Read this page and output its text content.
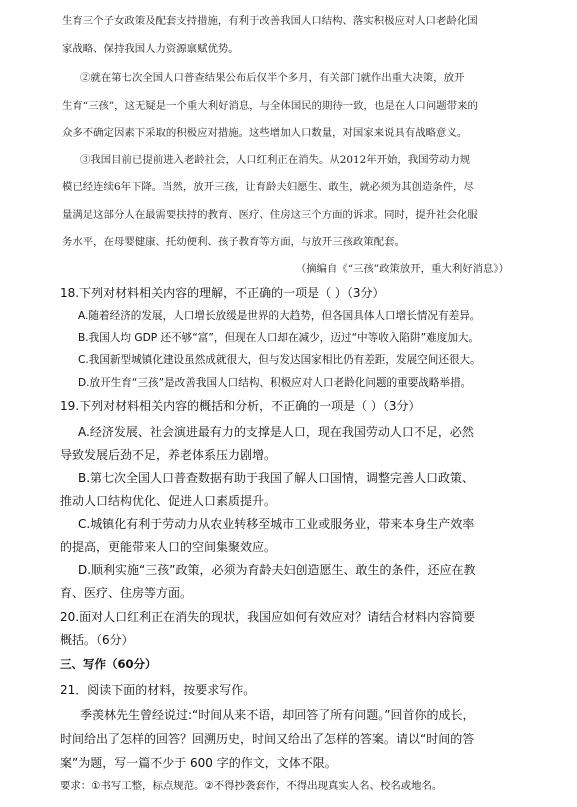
生育三个子女政策及配套支持措施，有利于改善我国人口结构、落实积极应对人口老龄化国
家战略、保持我国人力资源禀赋优势。
②就在第七次全国人口普查结果公布后仅半个多月，有关部门就作出重大决策，放开
生育“三孩”，这无疑是一个重大利好消息，与全体国民的期待一致，也是在人口问题带来的
众多不确定因素下采取的积极应对措施。这些增加人口数量，对国家来说具有战略意义。
③我国目前已提前进入老龄社会，人口红利正在消失。从2012年开始，我国劳动力规
模已经连续6年下降。当然，放开三孩，让育龄夫妇愿生、敢生，就必须为其创造条件，尽
量满足这部分人在最需要扶持的教育、医疗、住房这三个方面的诉求。同时，提升社会化服
务水平，在母婴健康、托幼便利、孩子教育等方面，与放开三孩政策配套。
（摘编自《“三孩”政策放开，重大利好消息》）
18.下列对材料相关内容的理解，不正确的一项是（ ）（3分）
A.随着经济的发展，人口增长放缓是世界的大趋势，但各国具体人口增长情况有差异。
B.我国人均 GDP 还不够“富”，但现在人口却在减少，迈过“中等收入陷阱”难度加大。
C.我国新型城镇化建设虽然成就很大，但与发达国家相比仍有差距，发展空间还很大。
D.放开生育“三孩”是改善我国人口结构、积极应对人口老龄化问题的重要战略举措。
19.下列对材料相关内容的概括和分析，不正确的一项是（ ）（3分）
A.经济发展、社会演进最有力的支撑是人口，现在我国劳动人口不足，必然
导致发展后劲不足，养老体系压力剧增。
B.第七次全国人口普查数据有助于我国了解人口国情，调整完善人口政策、
推动人口结构优化、促进人口素质提升。
C.城镇化有利于劳动力从农业转移至城市工业或服务业，带来本身生产效率
的提高，更能带来人口的空间集聚效应。
D.顺利实施“三孩”政策，必须为育龄夫妇创造愿生、敢生的条件，还应在教
育、医疗、住房等方面。
20.面对人口红利正在消失的现状，我国应如何有效应对？请结合材料内容简要
概括。（6分）
三、写作（60分）
21．阅读下面的材料，按要求写作。
季羡林先生曾经说过:“时间从来不语，却回答了所有问题。”回首你的成长，
时间给出了怎样的回答？回溯历史，时间又给出了怎样的答案。请以“时间的答
案”为题，写一篇不少于 600 字的作文，文体不限。
要求：①书写工整，标点规范。②不得抄袭套作，不得出现真实人名、校名或地名。
